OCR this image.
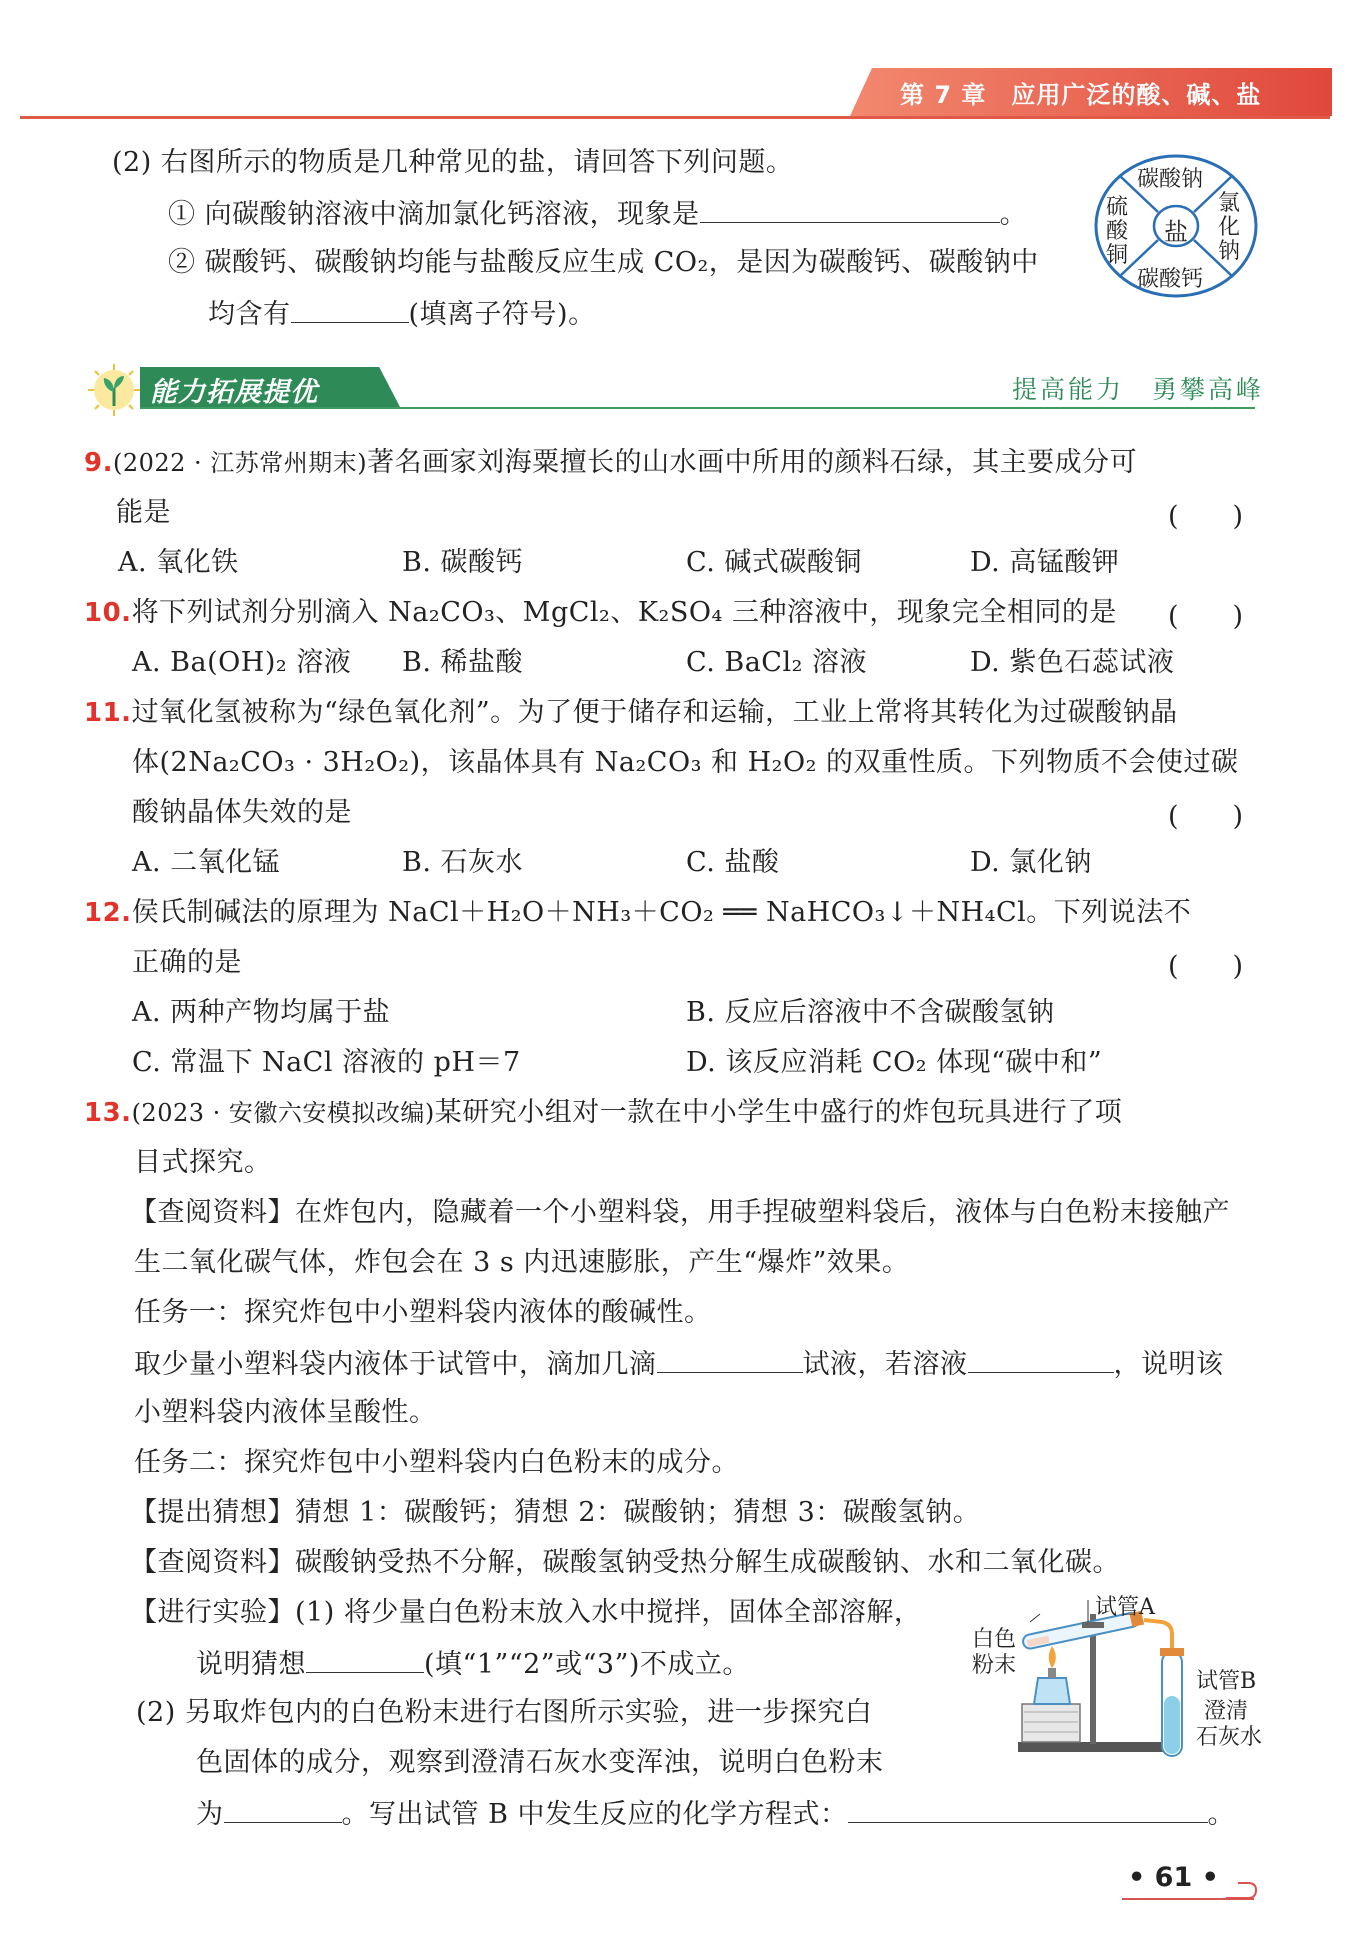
第 7 章　应用广泛的酸、碱、盐
(2) 右图所示的物质是几种常见的盐，请回答下列问题。
① 向碳酸钠溶液中滴加氯化钙溶液，现象是	。
② 碳酸钙、碳酸钠均能与盐酸反应生成 CO₂，是因为碳酸钙、碳酸钠中
均含有	(填离子符号)。
盐
碳酸钠
碳酸钙
氯化钠
硫酸铜
能力拓展提优	提高能力　勇攀高峰
9.(2022 · 江苏常州期末)著名画家刘海粟擅长的山水画中所用的颜料石绿，其主要成分可
能是	(　　)
A. 氧化铁	B. 碳酸钙	C. 碱式碳酸铜	D. 高锰酸钾
10.将下列试剂分别滴入 Na₂CO₃、MgCl₂、K₂SO₄ 三种溶液中，现象完全相同的是 (　　)
A. Ba(OH)₂ 溶液 B. 稀盐酸	C. BaCl₂ 溶液	D. 紫色石蕊试液
11.过氧化氢被称为“绿色氧化剂”。为了便于储存和运输，工业上常将其转化为过碳酸钠晶
体(2Na₂CO₃ · 3H₂O₂)，该晶体具有 Na₂CO₃ 和 H₂O₂ 的双重性质。下列物质不会使过碳
酸钠晶体失效的是	(　　)
A. 二氧化锰	B. 石灰水	C. 盐酸	D. 氯化钠
12.侯氏制碱法的原理为 NaCl＋H₂O＋NH₃＋CO₂ ══ NaHCO₃↓＋NH₄Cl。下列说法不
正确的是	(　　)
A. 两种产物均属于盐	B. 反应后溶液中不含碳酸氢钠
C. 常温下 NaCl 溶液的 pH＝7	D. 该反应消耗 CO₂ 体现“碳中和”
13.(2023 · 安徽六安模拟改编)某研究小组对一款在中小学生中盛行的炸包玩具进行了项
目式探究。
【查阅资料】在炸包内，隐藏着一个小塑料袋，用手捏破塑料袋后，液体与白色粉末接触产
生二氧化碳气体，炸包会在 3 s 内迅速膨胀，产生“爆炸”效果。
任务一：探究炸包中小塑料袋内液体的酸碱性。
取少量小塑料袋内液体于试管中，滴加几滴	试液，若溶液	，说明该
小塑料袋内液体呈酸性。
任务二：探究炸包中小塑料袋内白色粉末的成分。
【提出猜想】猜想 1：碳酸钙；猜想 2：碳酸钠；猜想 3：碳酸氢钠。
【查阅资料】碳酸钠受热不分解，碳酸氢钠受热分解生成碳酸钠、水和二氧化碳。
【进行实验】(1) 将少量白色粉末放入水中搅拌，固体全部溶解，
说明猜想	(填“1”“2”或“3”)不成立。
(2) 另取炸包内的白色粉末进行右图所示实验，进一步探究白
色固体的成分，观察到澄清石灰水变浑浊，说明白色粉末
为	。写出试管 B 中发生反应的化学方程式：	。
试管A
白色
粉末
试管B
澄清
石灰水
• 61 •
